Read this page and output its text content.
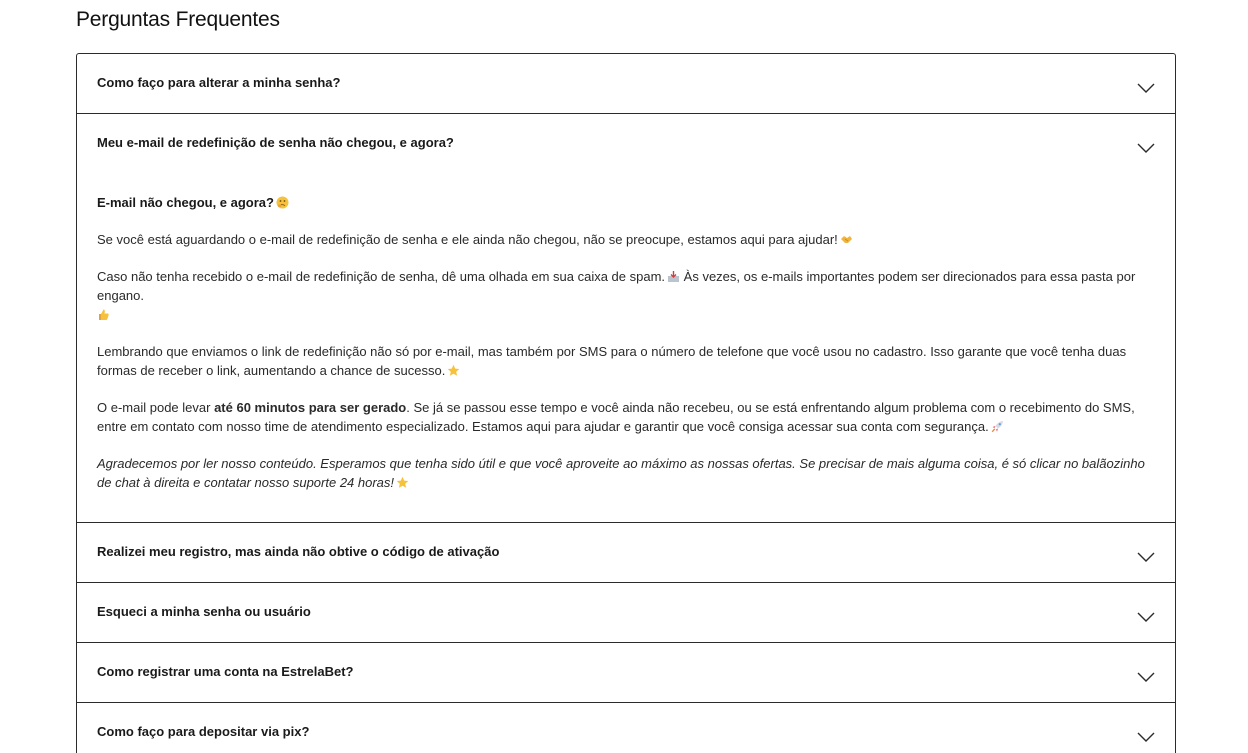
Perguntas Frequentes
Como faço para alterar a minha senha?
Meu e-mail de redefinição de senha não chegou, e agora?

E-mail não chegou, e agora?

Se você está aguardando o e-mail de redefinição de senha e ele ainda não chegou, não se preocupe, estamos aqui para ajudar!

Caso não tenha recebido o e-mail de redefinição de senha, dê uma olhada em sua caixa de spam. Às vezes, os e-mails importantes podem ser direcionados para essa pasta por engano.

Lembrando que enviamos o link de redefinição não só por e-mail, mas também por SMS para o número de telefone que você usou no cadastro. Isso garante que você tenha duas formas de receber o link, aumentando a chance de sucesso.

O e-mail pode levar até 60 minutos para ser gerado. Se já se passou esse tempo e você ainda não recebeu, ou se está enfrentando algum problema com o recebimento do SMS, entre em contato com nosso time de atendimento especializado. Estamos aqui para ajudar e garantir que você consiga acessar sua conta com segurança.

Agradecemos por ler nosso conteúdo. Esperamos que tenha sido útil e que você aproveite ao máximo as nossas ofertas. Se precisar de mais alguma coisa, é só clicar no balãozinho de chat à direita e contatar nosso suporte 24 horas!

Realizei meu registro, mas ainda não obtive o código de ativação
Esqueci a minha senha ou usuário
Como registrar uma conta na EstrelaBet?
Como faço para depositar via pix?
